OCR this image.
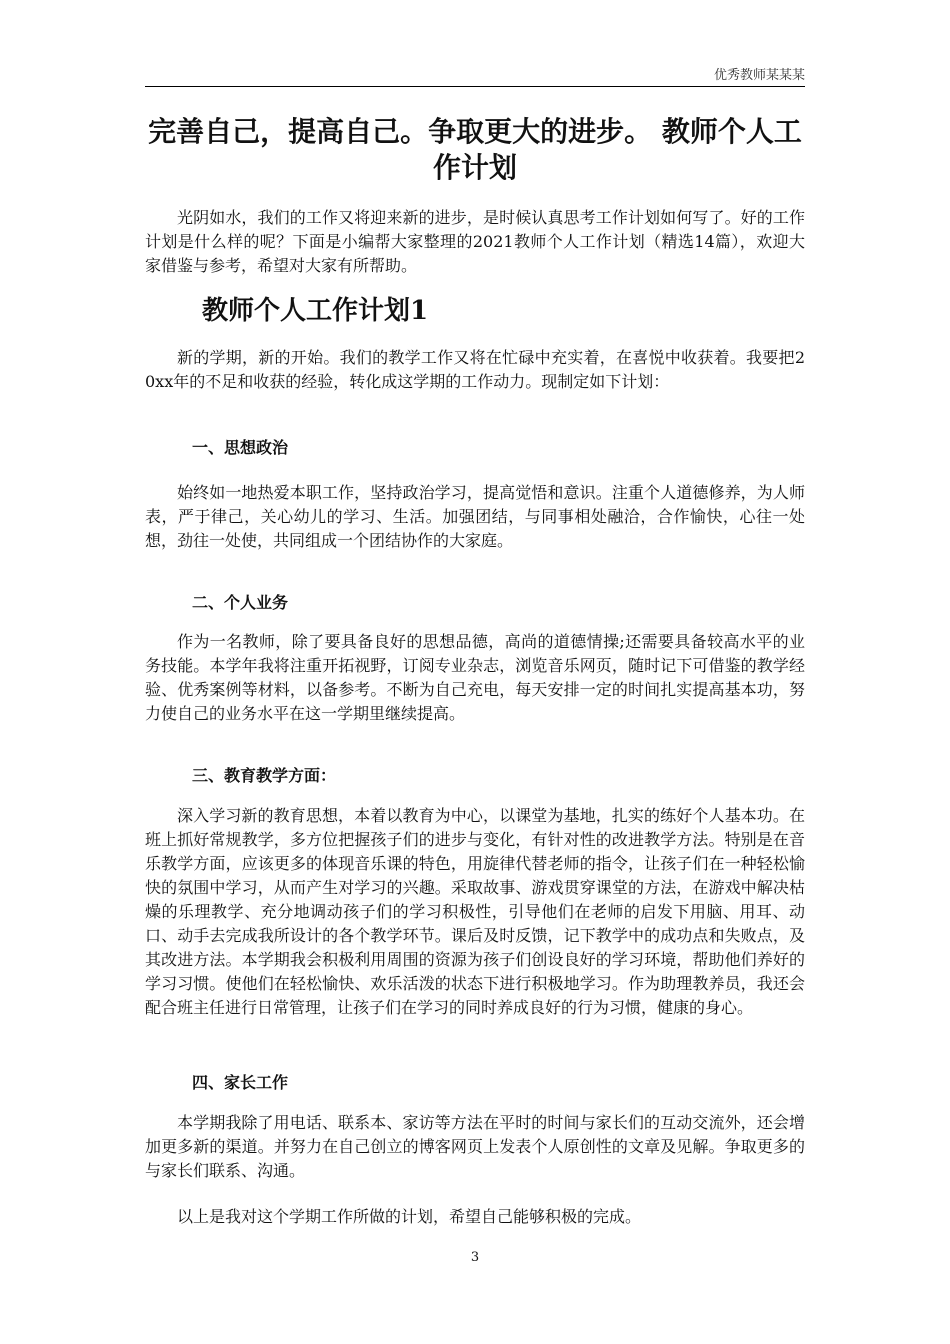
优秀教师某某某
完善自己，提高自己。争取更大的进步。 教师个人工作计划
光阴如水，我们的工作又将迎来新的进步，是时候认真思考工作计划如何写了。好的工作计划是什么样的呢？下面是小编帮大家整理的2021教师个人工作计划（精选14篇），欢迎大家借鉴与参考，希望对大家有所帮助。
教师个人工作计划1
新的学期，新的开始。我们的教学工作又将在忙碌中充实着，在喜悦中收获着。我要把20xx年的不足和收获的经验，转化成这学期的工作动力。现制定如下计划：
一、思想政治
始终如一地热爱本职工作，坚持政治学习，提高觉悟和意识。注重个人道德修养，为人师表，严于律己，关心幼儿的学习、生活。加强团结，与同事相处融洽，合作愉快，心往一处想，劲往一处使，共同组成一个团结协作的大家庭。
二、个人业务
作为一名教师，除了要具备良好的思想品德，高尚的道德情操;还需要具备较高水平的业务技能。本学年我将注重开拓视野，订阅专业杂志，浏览音乐网页，随时记下可借鉴的教学经验、优秀案例等材料，以备参考。不断为自己充电，每天安排一定的时间扎实提高基本功，努力使自己的业务水平在这一学期里继续提高。
三、教育教学方面：
深入学习新的教育思想，本着以教育为中心，以课堂为基地，扎实的练好个人基本功。在班上抓好常规教学，多方位把握孩子们的进步与变化，有针对性的改进教学方法。特别是在音乐教学方面，应该更多的体现音乐课的特色，用旋律代替老师的指令，让孩子们在一种轻松愉快的氛围中学习，从而产生对学习的兴趣。采取故事、游戏贯穿课堂的方法，在游戏中解决枯燥的乐理教学、充分地调动孩子们的学习积极性，引导他们在老师的启发下用脑、用耳、动口、动手去完成我所设计的各个教学环节。课后及时反馈，记下教学中的成功点和失败点，及其改进方法。本学期我会积极利用周围的资源为孩子们创设良好的学习环境，帮助他们养好的学习习惯。使他们在轻松愉快、欢乐活泼的状态下进行积极地学习。作为助理教养员，我还会配合班主任进行日常管理，让孩子们在学习的同时养成良好的行为习惯，健康的身心。
四、家长工作
本学期我除了用电话、联系本、家访等方法在平时的时间与家长们的互动交流外，还会增加更多新的渠道。并努力在自己创立的博客网页上发表个人原创性的文章及见解。争取更多的与家长们联系、沟通。
以上是我对这个学期工作所做的计划，希望自己能够积极的完成。
3
